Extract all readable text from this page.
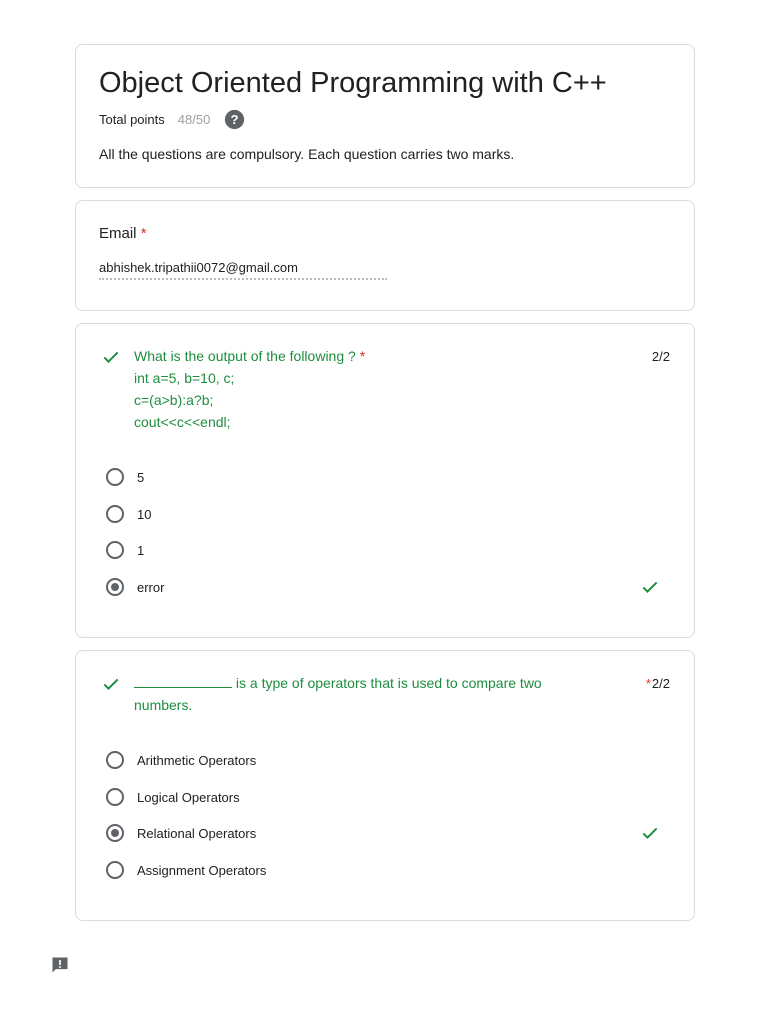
Object Oriented Programming with C++
Total points 48/50 ?
All the questions are compulsory. Each question carries two marks.
Email *
abhishek.tripathii0072@gmail.com
What is the output of the following ? *
int a=5, b=10, c;
c=(a>b):a?b;
cout<<c<<endl;
2/2
5
10
1
error
is a type of operators that is used to compare two
numbers.
*2/2
Arithmetic Operators
Logical Operators
Relational Operators
Assignment Operators
